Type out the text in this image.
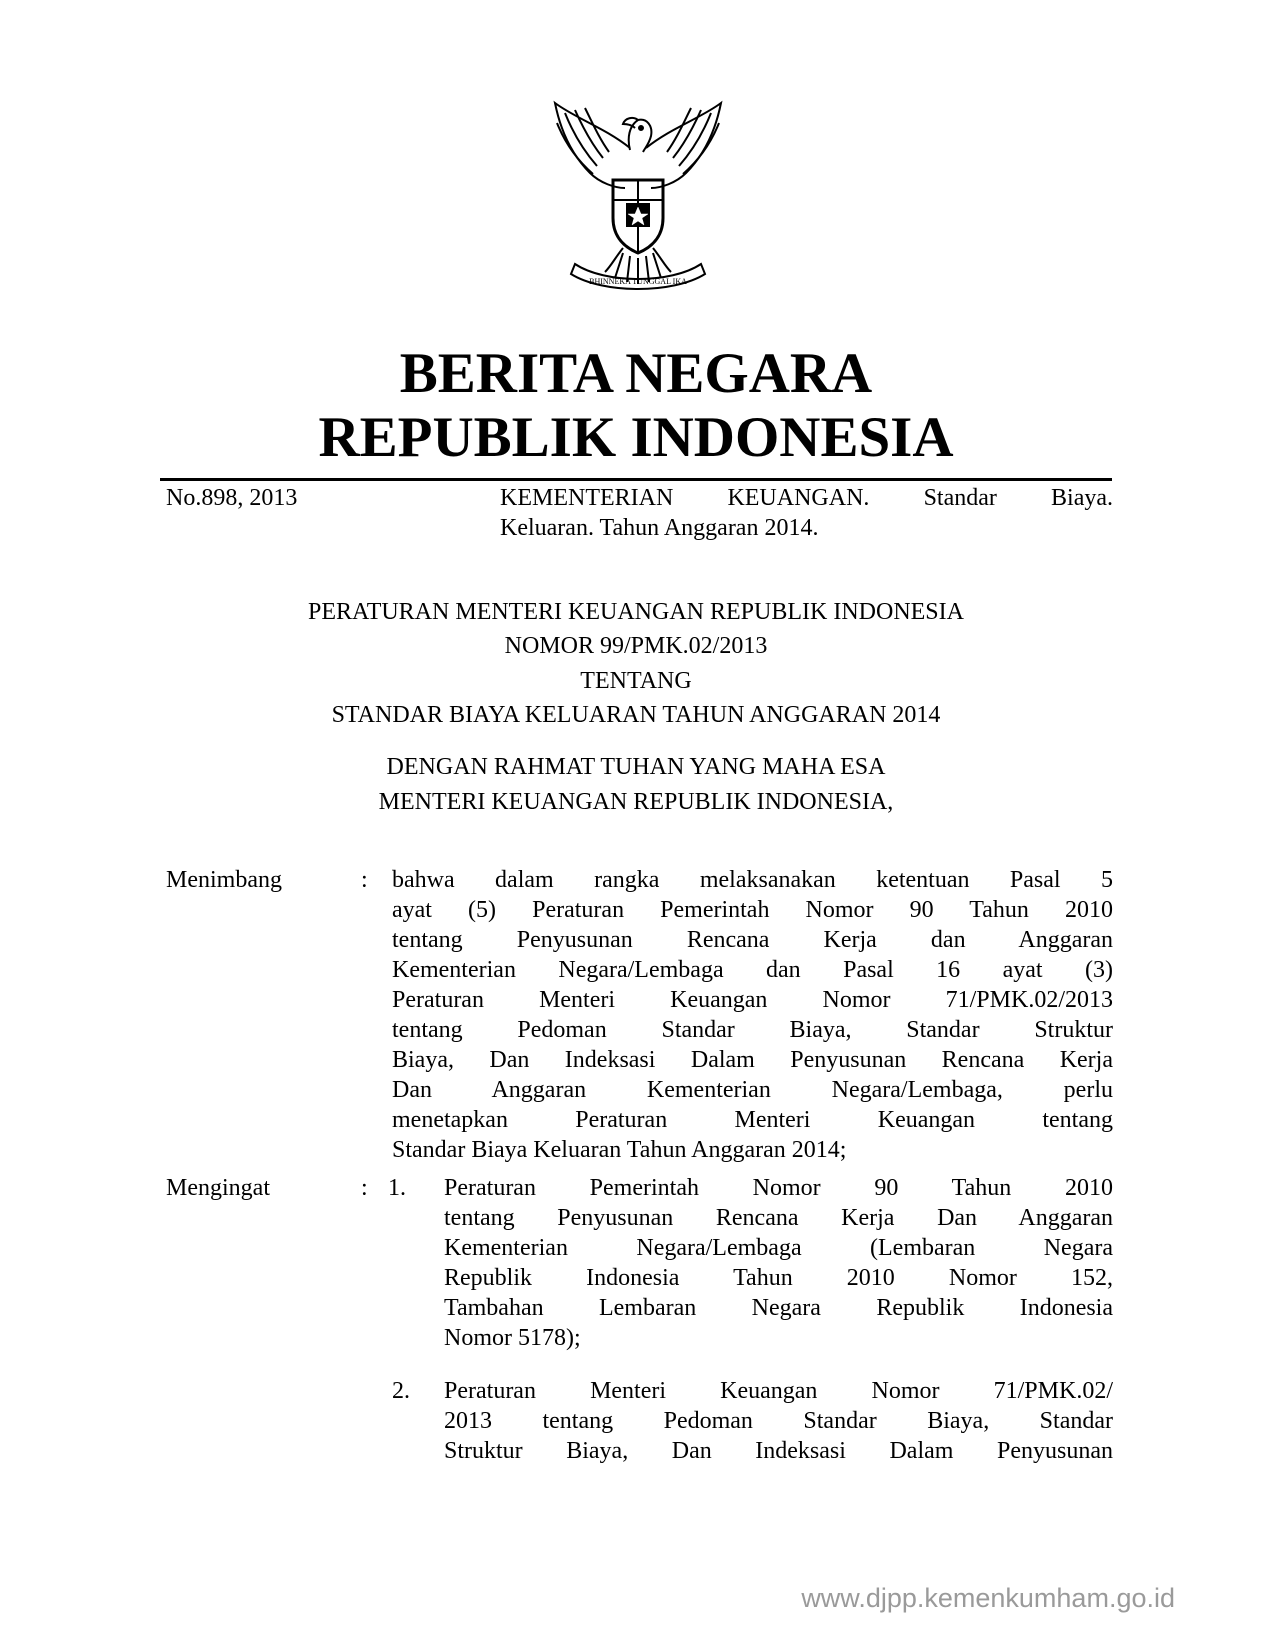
BHINNEKA TUNGGAL IKA
BERITA NEGARA
REPUBLIK INDONESIA
No.898, 2013	KEMENTERIAN KEUANGAN. Standar Biaya.
Keluaran. Tahun Anggaran 2014.
PERATURAN MENTERI KEUANGAN REPUBLIK INDONESIA
NOMOR 99/PMK.02/2013
TENTANG
STANDAR BIAYA KELUARAN TAHUN ANGGARAN 2014
DENGAN RAHMAT TUHAN YANG MAHA ESA
MENTERI KEUANGAN REPUBLIK INDONESIA,
Menimbang	: bahwa dalam rangka melaksanakan ketentuan Pasal 5
ayat (5) Peraturan Pemerintah Nomor 90 Tahun 2010
tentang Penyusunan Rencana Kerja dan Anggaran
Kementerian Negara/Lembaga dan Pasal 16 ayat (3)
Peraturan Menteri Keuangan Nomor 71/PMK.02/2013
tentang Pedoman Standar Biaya, Standar Struktur
Biaya, Dan Indeksasi Dalam Penyusunan Rencana Kerja
Dan Anggaran Kementerian Negara/Lembaga, perlu
menetapkan Peraturan Menteri Keuangan tentang
Standar Biaya Keluaran Tahun Anggaran 2014;
Mengingat	: 1. Peraturan Pemerintah Nomor 90 Tahun 2010
tentang Penyusunan Rencana Kerja Dan Anggaran
Kementerian Negara/Lembaga (Lembaran Negara
Republik Indonesia Tahun 2010 Nomor 152,
Tambahan Lembaran Negara Republik Indonesia
Nomor 5178);
2. Peraturan Menteri Keuangan Nomor 71/PMK.02/
2013 tentang Pedoman Standar Biaya, Standar
Struktur Biaya, Dan Indeksasi Dalam Penyusunan
www.djpp.kemenkumham.go.id
